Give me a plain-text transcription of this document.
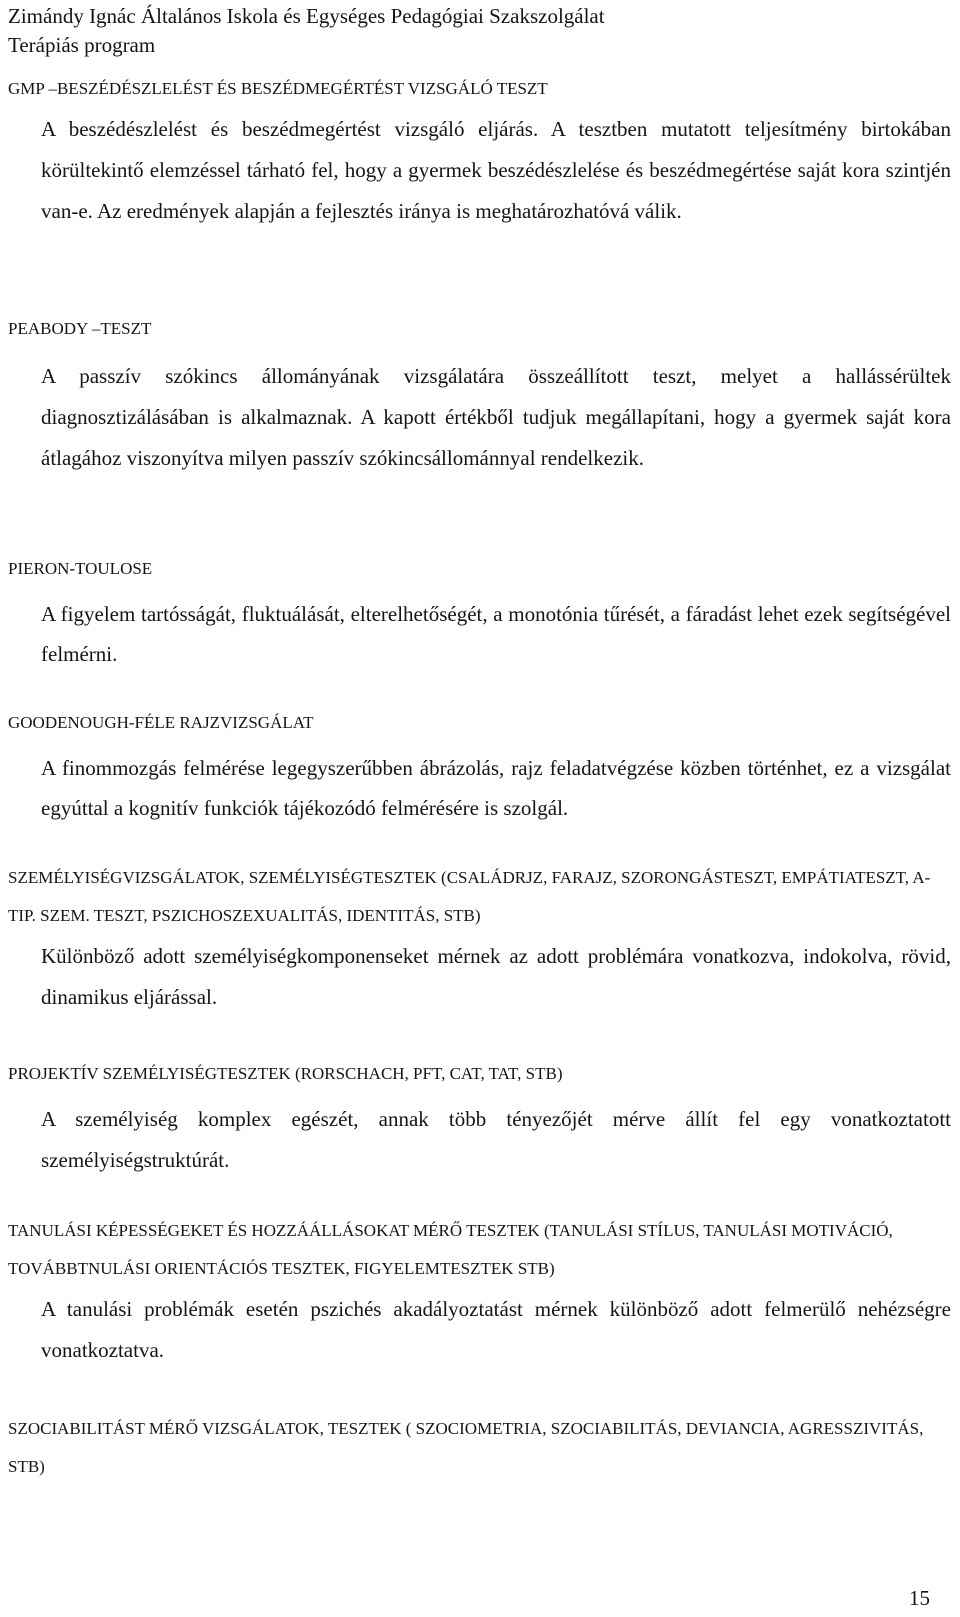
Zimándy Ignác Általános Iskola és Egységes Pedagógiai Szakszolgálat
Terápiás program
GMP –BESZÉDÉSZLELÉST ÉS BESZÉDMEGÉRTÉST VIZSGÁLÓ TESZT
A beszédészlelést és beszédmegértést vizsgáló eljárás. A tesztben mutatott teljesítmény birtokában körültekintő elemzéssel tárható fel, hogy a gyermek beszédészlelése és beszédmegértése saját kora szintjén van-e. Az eredmények alapján a fejlesztés iránya is meghatározhatóvá válik.
PEABODY –TESZT
A passzív szókincs állományának vizsgálatára összeállított teszt, melyet a hallássérültek diagnosztizálásában is alkalmaznak. A kapott értékből tudjuk megállapítani, hogy a gyermek saját kora átlagához viszonyítva milyen passzív szókincsállománnyal rendelkezik.
PIERON-TOULOSE
A figyelem tartósságát, fluktuálását, elterelhetőségét, a monotónia tűrését, a fáradást lehet ezek segítségével felmérni.
GOODENOUGH-FÉLE RAJZVIZSGÁLAT
A finommozgás felmérése legegyszerűbben ábrázolás, rajz feladatvégzése közben történhet, ez a vizsgálat egyúttal a kognitív funkciók tájékozódó felmérésére is szolgál.
SZEMÉLYISÉGVIZSGÁLATOK, SZEMÉLYISÉGTESZTEK (CSALÁDRJZ, FARAJZ, SZORONGÁSTESZT, EMPÁTIATESZT, A-TIP. SZEM. TESZT, PSZICHOSZEXUALITÁS, IDENTITÁS, STB)
Különböző adott személyiségkomponenseket mérnek az adott problémára vonatkozva, indokolva, rövid, dinamikus eljárással.
PROJEKTÍV SZEMÉLYISÉGTESZTEK (RORSCHACH, PFT, CAT, TAT, STB)
A személyiség komplex egészét, annak több tényezőjét mérve állít fel egy vonatkoztatott személyiségstruktúrát.
TANULÁSI KÉPESSÉGEKET ÉS HOZZÁÁLLÁSOKAT MÉRŐ TESZTEK (TANULÁSI STÍLUS, TANULÁSI MOTIVÁCIÓ, TOVÁBBTNULÁSI ORIENTÁCIÓS TESZTEK, FIGYELEMTESZTEK STB)
A tanulási problémák esetén pszichés akadályoztatást mérnek különböző adott felmerülő nehézségre vonatkoztatva.
SZOCIABILITÁST MÉRŐ VIZSGÁLATOK, TESZTEK ( SZOCIOMETRIA, SZOCIABILITÁS, DEVIANCIA, AGRESSZIVITÁS, STB)
15
